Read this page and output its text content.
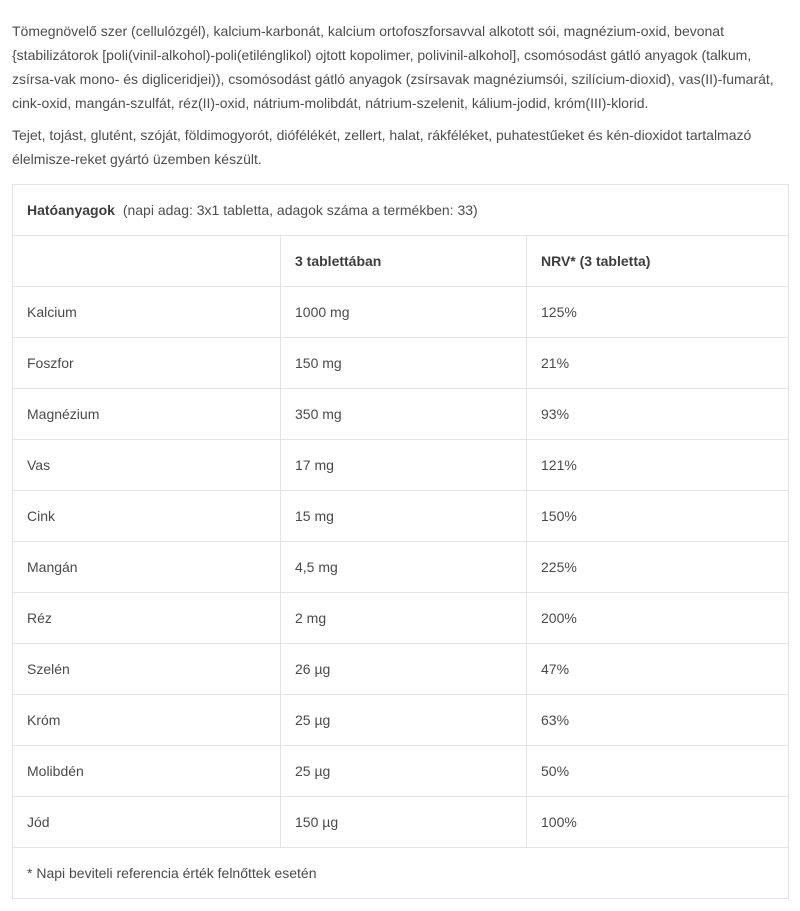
Tömegnövelő szer (cellulózgél), kalcium-karbonát, kalcium ortofoszforsavval alkotott sói, magnézium-oxid, bevonat {stabilizátorok [poli(vinil-alkohol)-poli(etilénglikol) ojtott kopolimer, polivinil-alkohol], csomósodást gátló anyagok (talkum, zsírsa-vak mono- és digliceridjei)), csomósodást gátló anyagok (zsírsavak magnéziumsói, szilícium-dioxid), vas(II)-fumarát, cink-oxid, mangán-szulfát, réz(II)-oxid, nátrium-molibdát, nátrium-szelenit, kálium-jodid, króm(III)-klorid.

Tejet, tojást, glutént, szóját, földimogyorót, diófélékét, zellert, halat, rákféléket, puhatestűeket és kén-dioxidot tartalmazó élelmisze-reket gyártó üzemben készült.

Hatóanyagok (napi adag: 3x1 tabletta, adagok száma a termékben: 33)		
	3 tablettában	NRV* (3 tabletta)
Kalcium	1000 mg	125%
Foszfor	150 mg	21%
Magnézium	350 mg	93%
Vas	17 mg	121%
Cink	15 mg	150%
Mangán	4,5 mg	225%
Réz	2 mg	200%
Szelén	26 µg	47%
Króm	25 µg	63%
Molibdén	25 µg	50%
Jód	150 µg	100%
* Napi beviteli referencia érték felnőttek esetén		
